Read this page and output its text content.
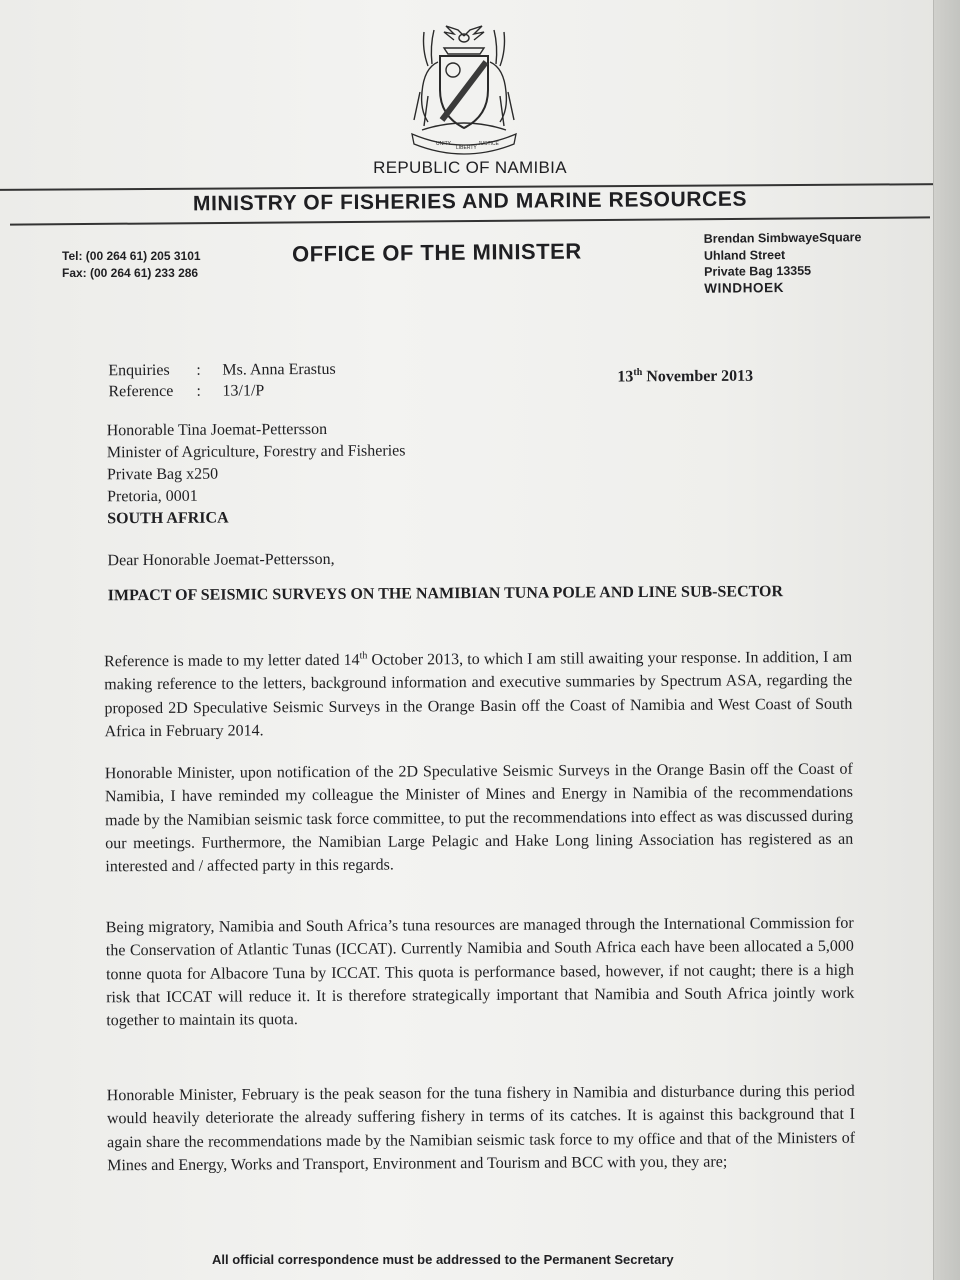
UNITY
LIBERTY
JUSTICE
REPUBLIC OF NAMIBIA
MINISTRY OF FISHERIES AND MARINE RESOURCES
Tel: (00 264 61) 205 3101
Fax: (00 264 61) 233 286
OFFICE OF THE MINISTER
Brendan SimbwayeSquare
Uhland Street
Private Bag 13355
WINDHOEK
Enquiries	:	Ms. Anna Erastus
Reference	:	13/1/P
13th November 2013
Honorable Tina Joemat-Pettersson
Minister of Agriculture, Forestry and Fisheries
Private Bag x250
Pretoria, 0001
SOUTH AFRICA
Dear Honorable Joemat-Pettersson,
IMPACT OF SEISMIC SURVEYS ON THE NAMIBIAN TUNA POLE AND LINE SUB-SECTOR
Reference is made to my letter dated 14th October 2013, to which I am still awaiting your response. In addition, I am making reference to the letters, background information and executive summaries by Spectrum ASA, regarding the proposed 2D Speculative Seismic Surveys in the Orange Basin off the Coast of Namibia and West Coast of South Africa in February 2014.
Honorable Minister, upon notification of the 2D Speculative Seismic Surveys in the Orange Basin off the Coast of Namibia, I have reminded my colleague the Minister of Mines and Energy in Namibia of the recommendations made by the Namibian seismic task force committee, to put the recommendations into effect as was discussed during our meetings. Furthermore, the Namibian Large Pelagic and Hake Long lining Association has registered as an interested and / affected party in this regards.
Being migratory, Namibia and South Africa’s tuna resources are managed through the International Commission for the Conservation of Atlantic Tunas (ICCAT). Currently Namibia and South Africa each have been allocated a 5,000 tonne quota for Albacore Tuna by ICCAT. This quota is performance based, however, if not caught; there is a high risk that ICCAT will reduce it. It is therefore strategically important that Namibia and South Africa jointly work together to maintain its quota.
Honorable Minister, February is the peak season for the tuna fishery in Namibia and disturbance during this period would heavily deteriorate the already suffering fishery in terms of its catches. It is against this background that I again share the recommendations made by the Namibian seismic task force to my office and that of the Ministers of Mines and Energy, Works and Transport, Environment and Tourism and BCC with you, they are;
All official correspondence must be addressed to the Permanent Secretary
